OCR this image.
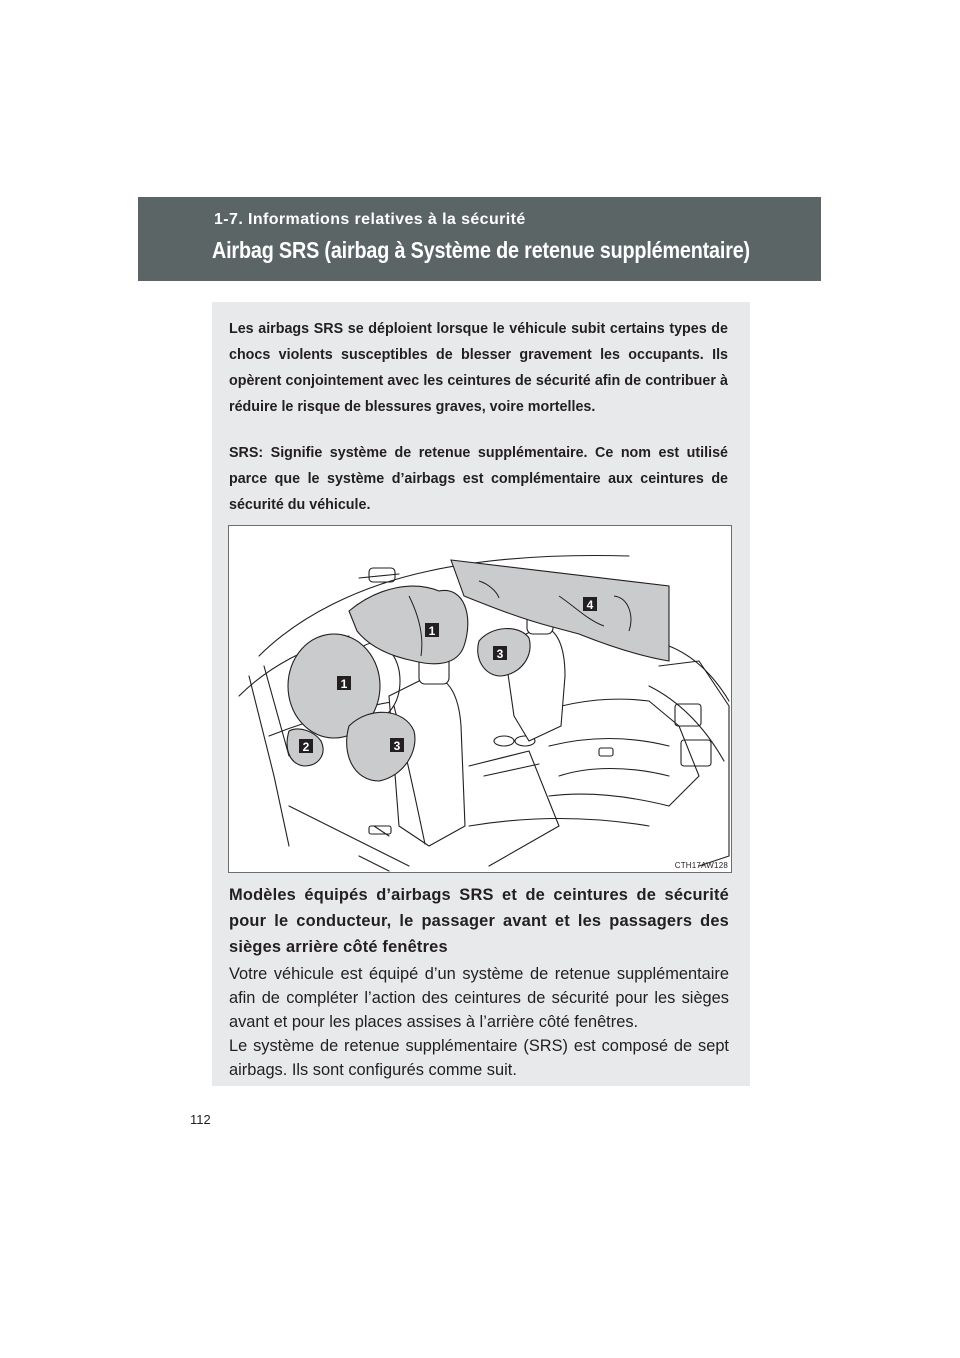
1-7. Informations relatives à la sécurité

Airbag SRS (airbag à Système de retenue supplémentaire)

Les airbags SRS se déploient lorsque le véhicule subit certains types de chocs violents susceptibles de blesser gravement les occupants. Ils opèrent conjointement avec les ceintures de sécurité afin de contribuer à réduire le risque de blessures graves, voire mortelles.

SRS: Signifie système de retenue supplémentaire. Ce nom est utilisé parce que le système d’airbags est complémentaire aux ceintures de sécurité du véhicule.

1
1
2	3
3
4
CTH17AW128
Modèles équipés d’airbags SRS et de ceintures de sécurité pour le conducteur, le passager avant et les passagers des sièges arrière côté fenêtres
Votre véhicule est équipé d’un système de retenue supplémentaire afin de compléter l’action des ceintures de sécurité pour les sièges avant et pour les places assises à l’arrière côté fenêtres.
Le système de retenue supplémentaire (SRS) est composé de sept airbags. Ils sont configurés comme suit.
112
